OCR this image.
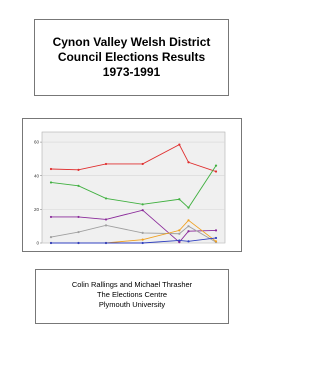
Cynon Valley Welsh District
Council Elections Results
1973-1991
0
20
40
60
Colin Rallings and Michael Thrasher
The Elections Centre
Plymouth University
